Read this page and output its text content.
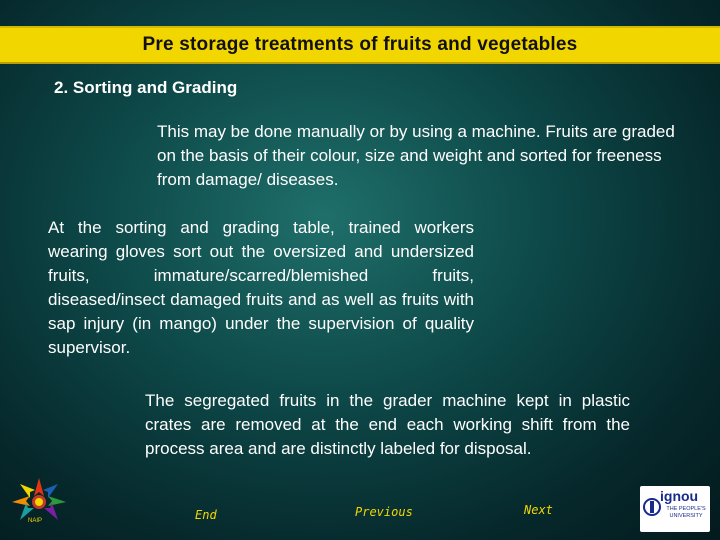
Pre storage treatments of fruits and vegetables
2. Sorting and Grading
This may be done manually or by using a machine. Fruits are graded on the basis of their colour, size and weight and sorted for freeness from damage/ diseases.
At the sorting and grading table, trained workers wearing gloves sort out the oversized and undersized fruits, immature/scarred/blemished fruits, diseased/insect damaged fruits and as well as fruits with sap injury (in mango) under the supervision of quality supervisor.
The segregated fruits in the grader machine kept in plastic crates are removed at the end each working shift from the process area and are distinctly labeled for disposal.
NAIP	End	Previous	Next
ignou
THE PEOPLE'S UNIVERSITY
